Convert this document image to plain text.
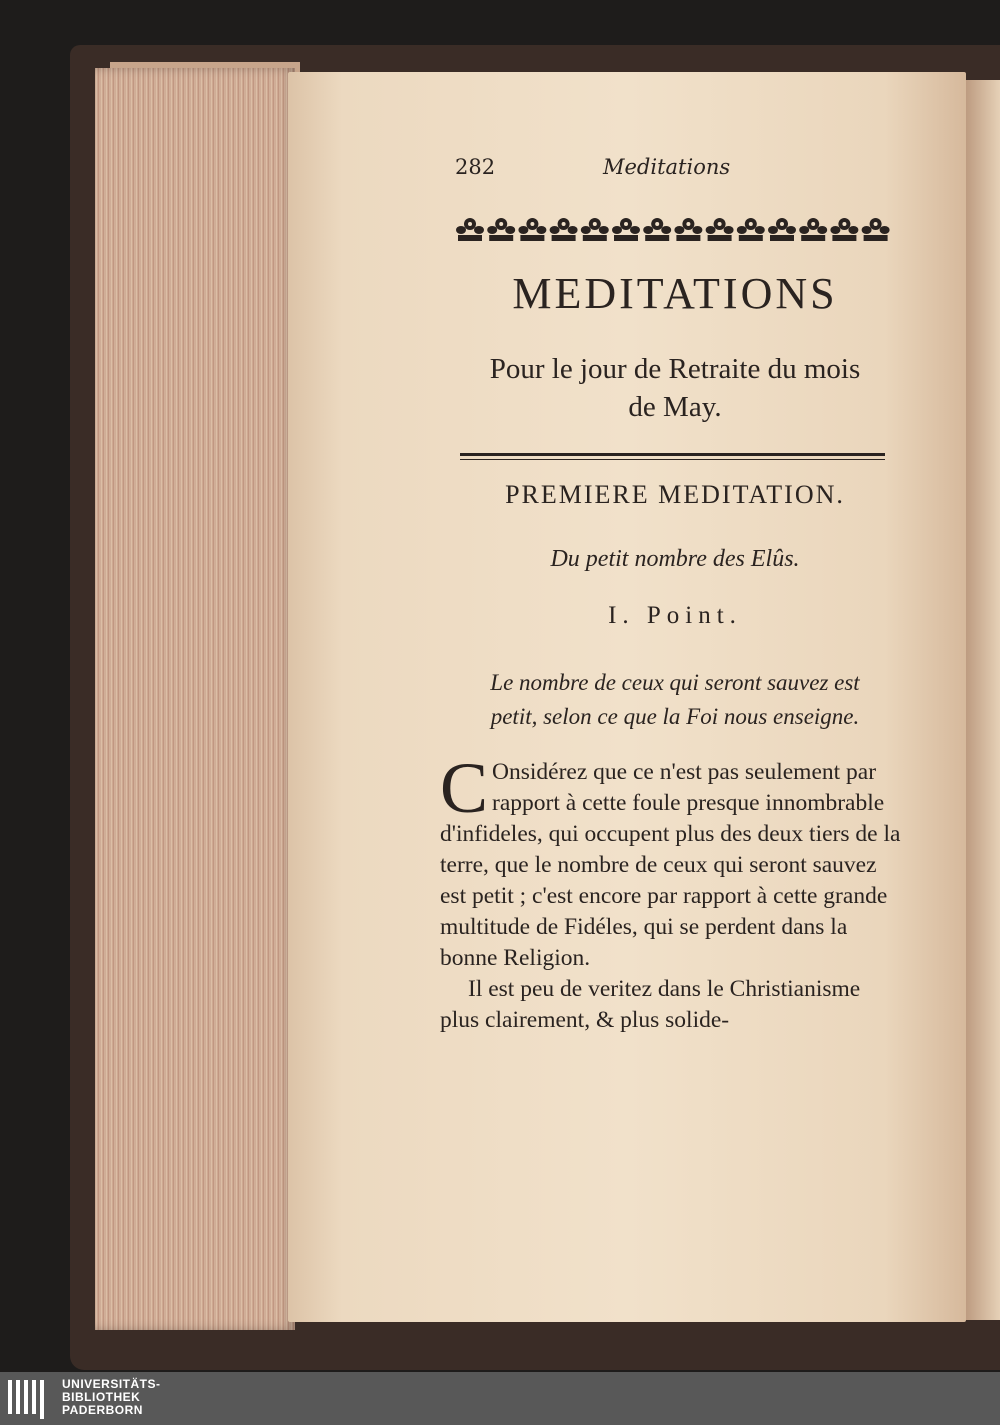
282	Meditations
MEDITATIONS
Pour le jour de Retraite du mois
de May.
PREMIERE MEDITATION.
Du petit nombre des Elûs.
I. Point.
Le nombre de ceux qui seront sauvez est
petit, selon ce que la Foi nous enseigne.

C Onsidérez que ce n'est pas seulement par rapport à cette foule presque innombrable d'infideles, qui occupent plus des deux tiers de la terre, que le nombre de ceux qui seront sauvez est petit ; c'est encore par rapport à cette grande multitude de Fidéles, qui se perdent dans la bonne Religion.

Il est peu de veritez dans le Christianisme plus clairement, & plus solide-

UNIVERSITÄTS-
BIBLIOTHEK
PADERBORN
